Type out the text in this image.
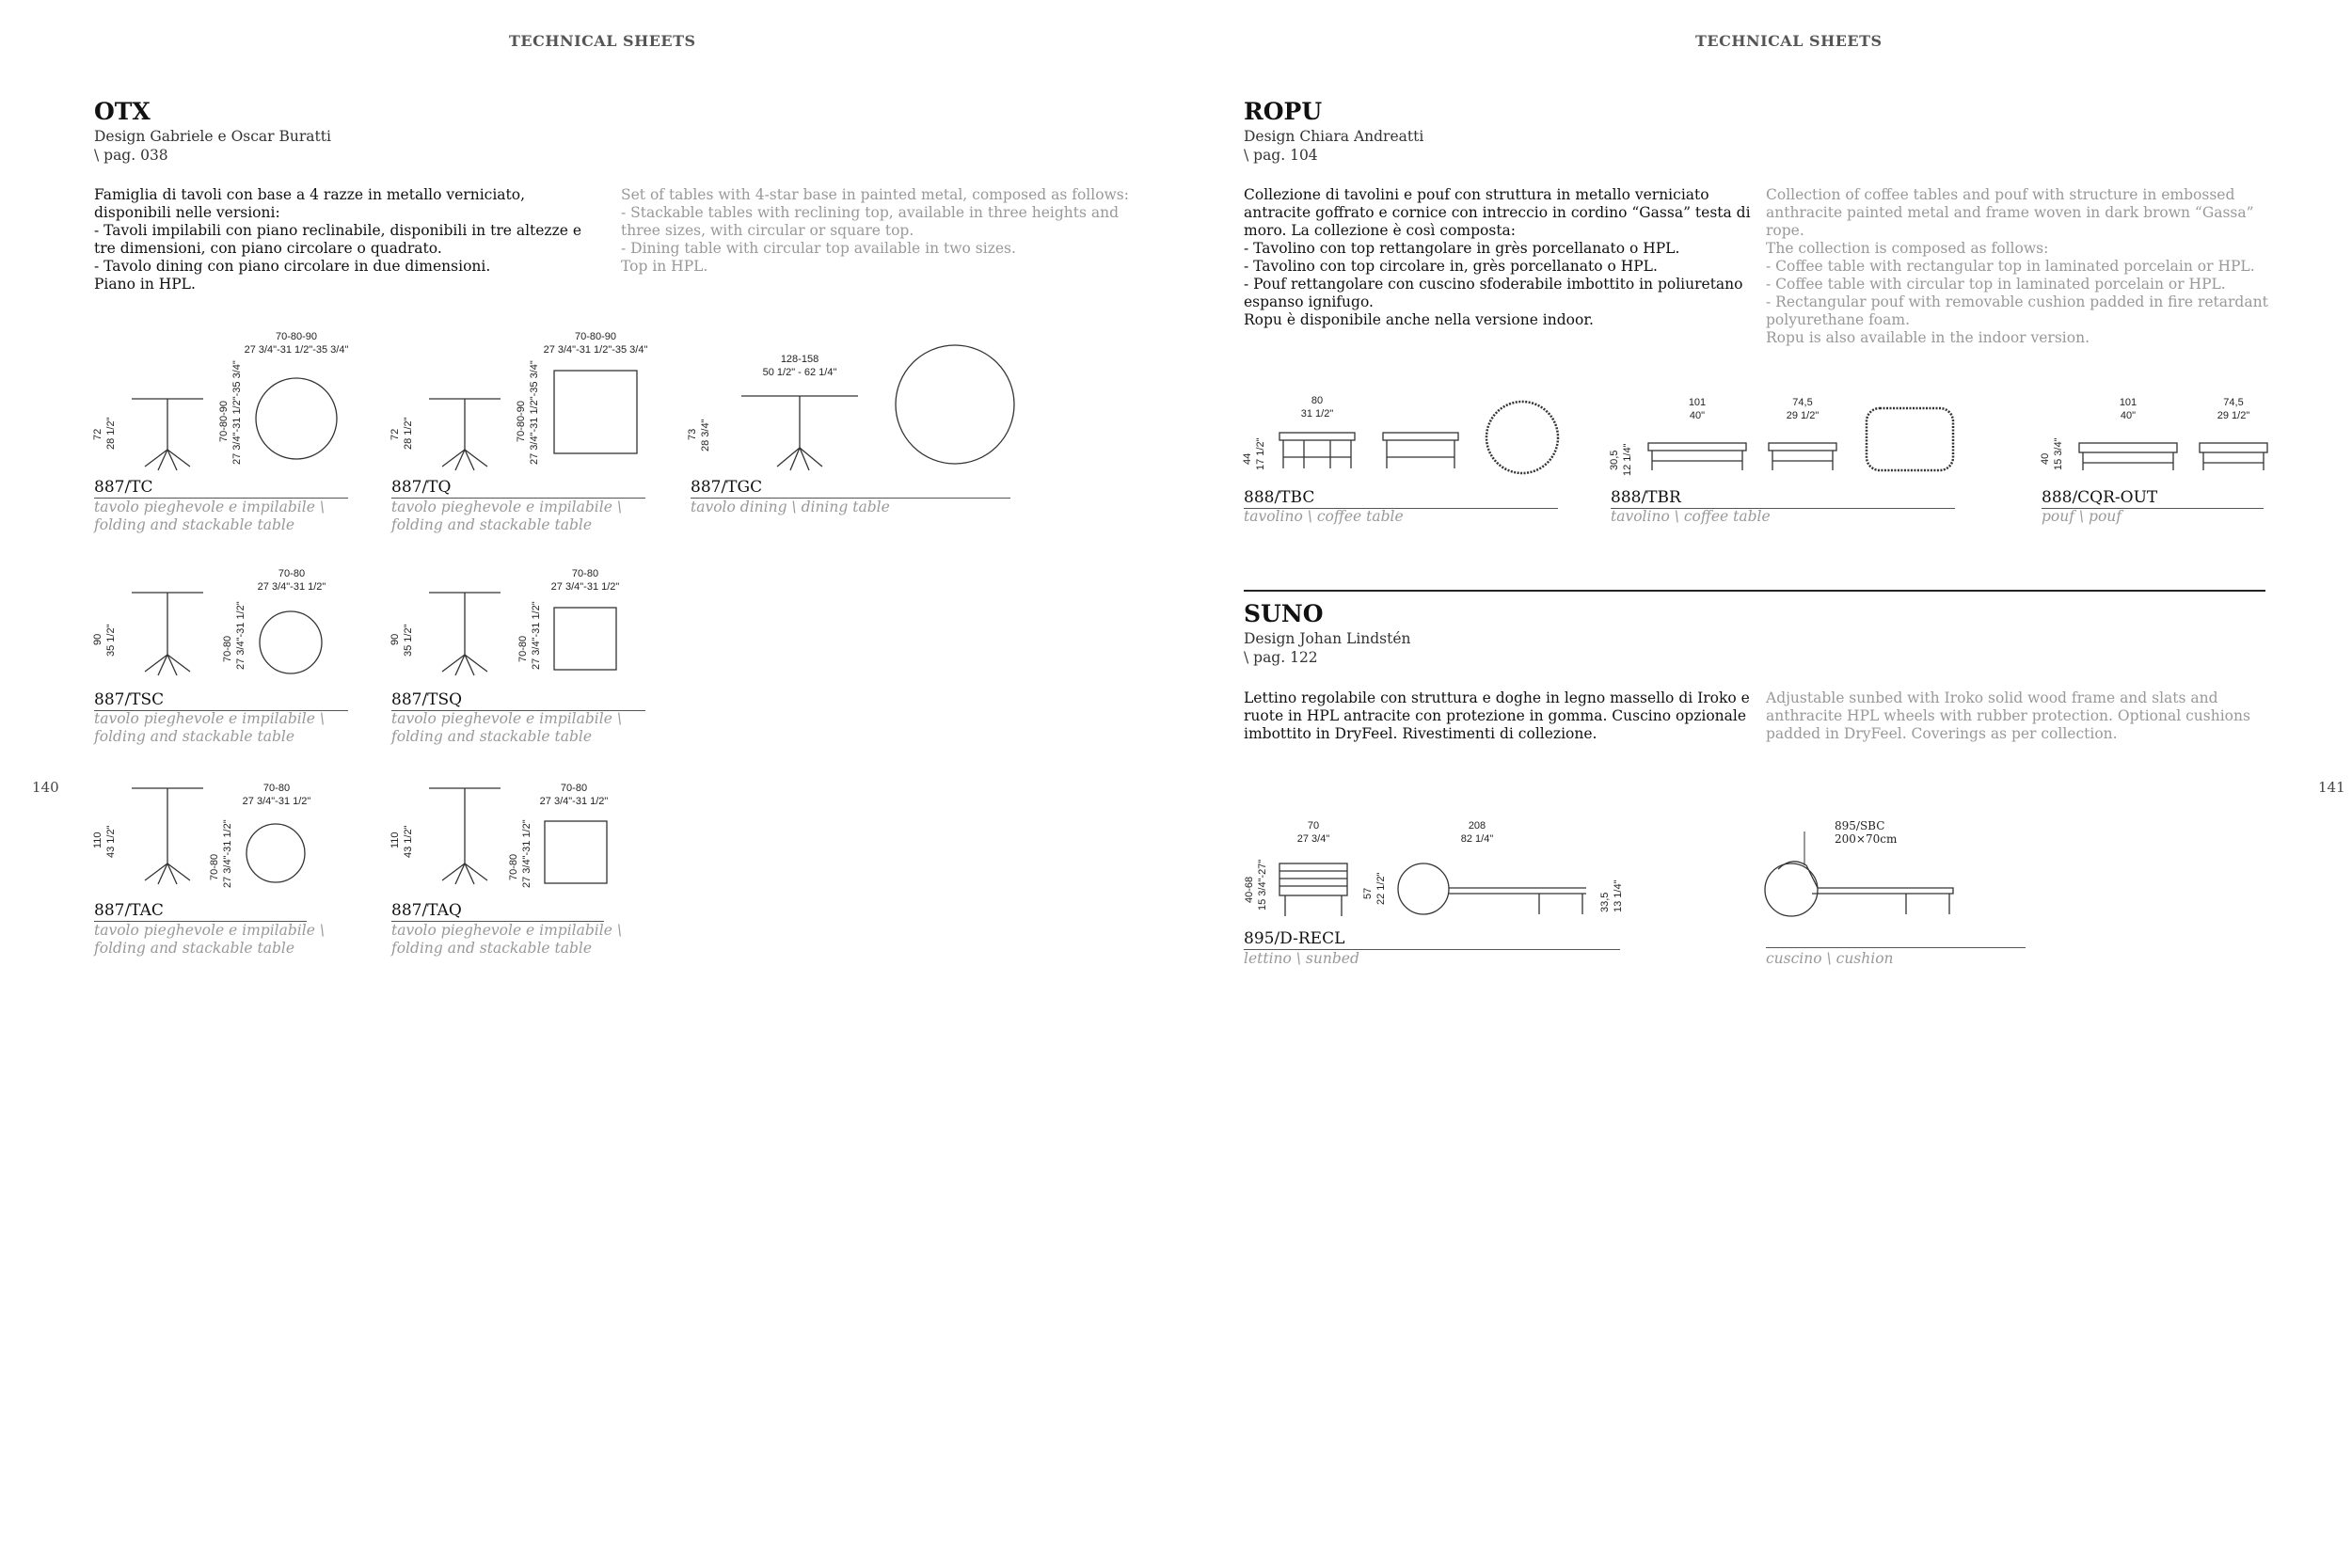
TECHNICAL SHEETS	TECHNICAL SHEETS
140	141
OTX
Design Gabriele e Oscar Buratti
\ pag. 038
Famiglia di tavoli con base a 4 razze in metallo verniciato, disponibili nelle versioni:
- Tavoli impilabili con piano reclinabile, disponibili in tre altezze e tre dimensioni, con piano circolare o quadrato.
- Tavolo dining con piano circolare in due dimensioni.
Piano in HPL.
Set of tables with 4-star base in painted metal, composed as follows:
- Stackable tables with reclining top, available in three heights and three sizes, with circular or square top.
- Dining table with circular top available in two sizes.
Top in HPL.
72 28 1/2"
70-80-90
27 3/4"-31 1/2"-35 3/4"
70-80-90 27 3/4"-31 1/2"-35 3/4"
887/TC
tavolo pieghevole e impilabile \
folding and stackable table
72 28 1/2"
70-80-90
27 3/4"-31 1/2"-35 3/4"
70-80-90 27 3/4"-31 1/2"-35 3/4"
887/TQ
tavolo pieghevole e impilabile \
folding and stackable table
73 28 3/4"
128-158
50 1/2" - 62 1/4"
887/TGC
tavolo dining \ dining table
90 35 1/2"
70-80
27 3/4"-31 1/2"
70-80 27 3/4"-31 1/2"
887/TSC
tavolo pieghevole e impilabile \
folding and stackable table
90 35 1/2"
70-80
27 3/4"-31 1/2"
70-80 27 3/4"-31 1/2"
887/TSQ
tavolo pieghevole e impilabile \
folding and stackable table
110 43 1/2"
70-80
27 3/4"-31 1/2"
70-80 27 3/4"-31 1/2"
887/TAC
tavolo pieghevole e impilabile \
folding and stackable table
110 43 1/2"
70-80
27 3/4"-31 1/2"
70-80 27 3/4"-31 1/2"
887/TAQ
tavolo pieghevole e impilabile \
folding and stackable table
ROPU
Design Chiara Andreatti
\ pag. 104
Collezione di tavolini e pouf con struttura in metallo verniciato antracite goffrato e cornice con intreccio in cordino “Gassa” testa di moro. La collezione è così composta:
- Tavolino con top rettangolare in grès porcellanato o HPL.
- Tavolino con top circolare in, grès porcellanato o HPL.
- Pouf rettangolare con cuscino sfoderabile imbottito in poliuretano espanso ignifugo.
Ropu è disponibile anche nella versione indoor.
Collection of coffee tables and pouf with structure in embossed anthracite painted metal and frame woven in dark brown “Gassa” rope.
The collection is composed as follows:
- Coffee table with rectangular top in laminated porcelain or HPL.
- Coffee table with circular top in laminated porcelain or HPL.
- Rectangular pouf with removable cushion padded in fire retardant polyurethane foam.
Ropu is also available in the indoor version.
80
31 1/2"
44 17 1/2"
888/TBC
tavolino \ coffee table
101
40"
74,5
29 1/2"
30,5 12 1/4"
888/TBR
tavolino \ coffee table
101
40"
74,5
29 1/2"
40 15 3/4"
888/CQR-OUT
pouf \ pouf
SUNO
Design Johan Lindstén
\ pag. 122
Lettino regolabile con struttura e doghe in legno massello di Iroko e ruote in HPL antracite con protezione in gomma. Cuscino opzionale imbottito in DryFeel. Rivestimenti di collezione.
Adjustable sunbed with Iroko solid wood frame and slats and anthracite HPL wheels with rubber protection. Optional cushions padded in DryFeel. Coverings as per collection.
70
27 3/4"
208
82 1/4"
40-68 15 3/4"-27"	57 22 1/2"	33,5 13 1/4"
895/D-RECL
lettino \ sunbed
895/SBC
200×70cm
cuscino \ cushion
